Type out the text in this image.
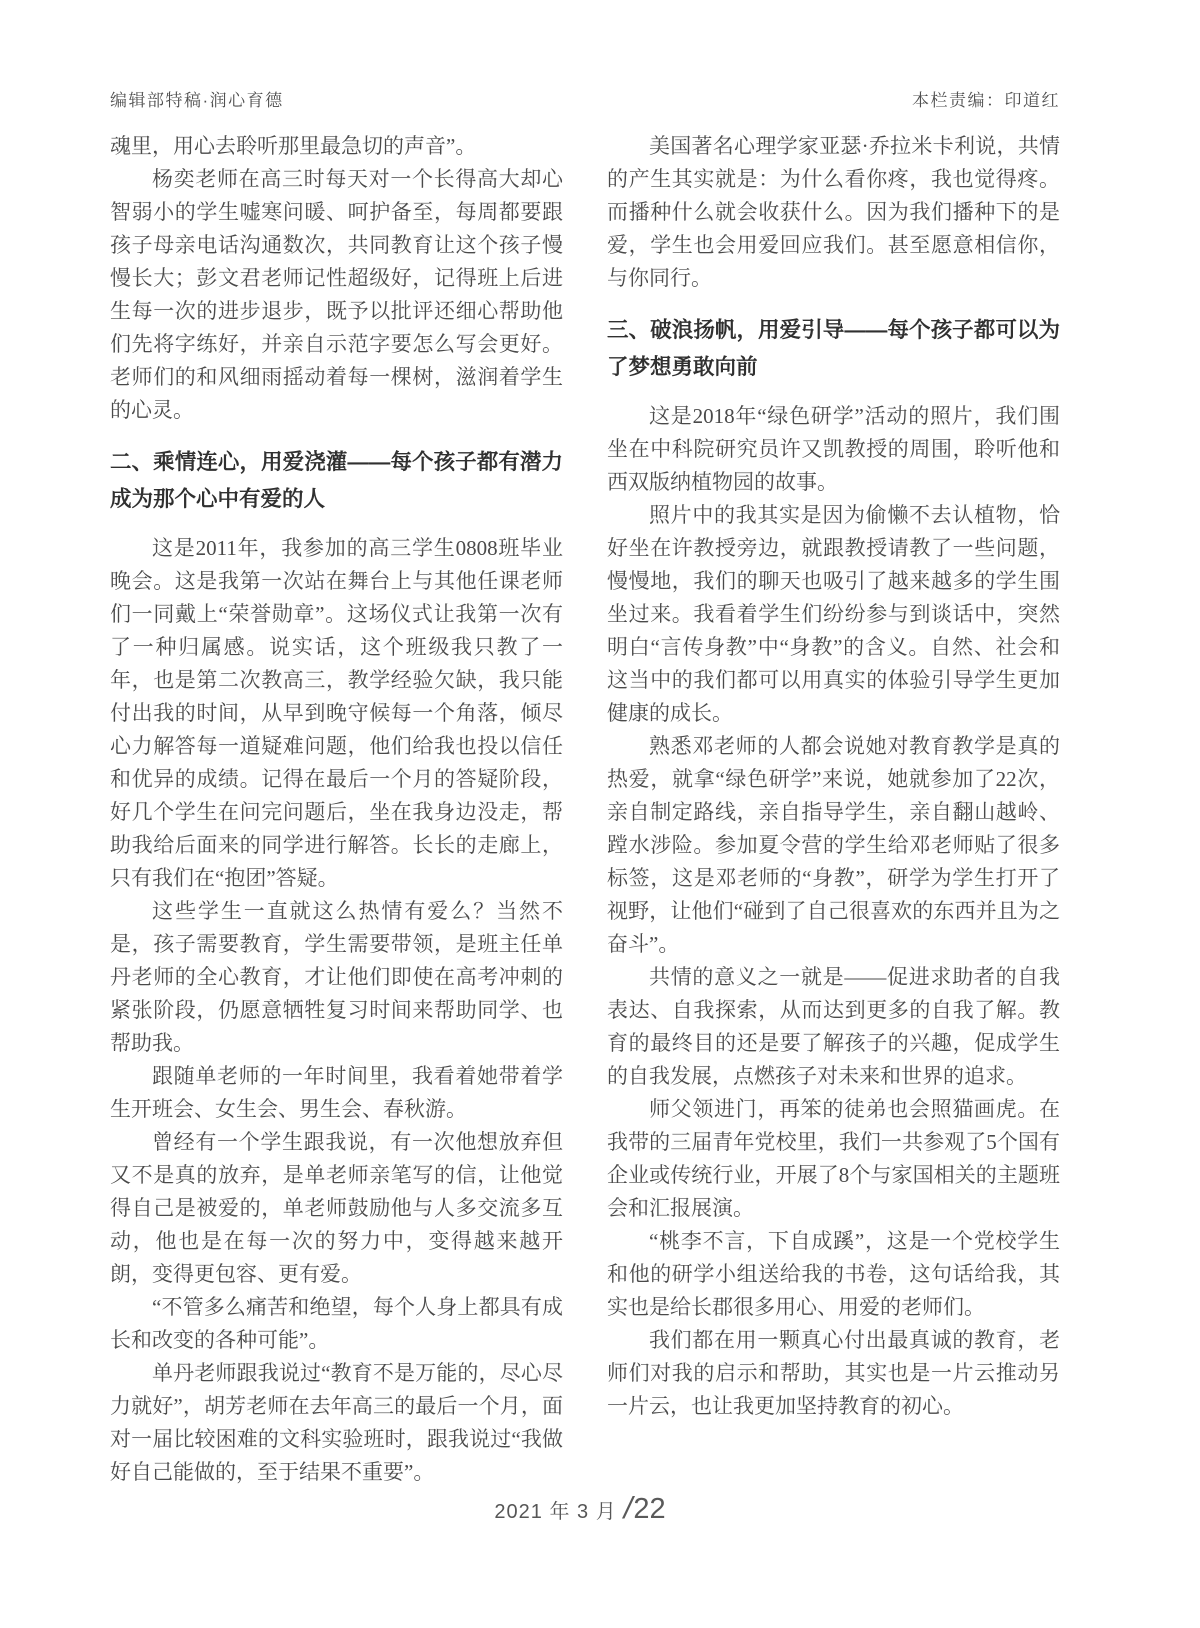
编辑部特稿·润心育德	本栏责编：印道红

魂里，用心去聆听那里最急切的声音”。

杨奕老师在高三时每天对一个长得高大却心智弱小的学生嘘寒问暖、呵护备至，每周都要跟孩子母亲电话沟通数次，共同教育让这个孩子慢慢长大；彭文君老师记性超级好，记得班上后进生每一次的进步退步，既予以批评还细心帮助他们先将字练好，并亲自示范字要怎么写会更好。老师们的和风细雨摇动着每一棵树，滋润着学生的心灵。

二、乘情连心，用爱浇灌——每个孩子都有潜力成为那个心中有爱的人

这是2011年，我参加的高三学生0808班毕业晚会。这是我第一次站在舞台上与其他任课老师们一同戴上“荣誉勋章”。这场仪式让我第一次有了一种归属感。说实话，这个班级我只教了一年，也是第二次教高三，教学经验欠缺，我只能付出我的时间，从早到晚守候每一个角落，倾尽心力解答每一道疑难问题，他们给我也投以信任和优异的成绩。记得在最后一个月的答疑阶段，好几个学生在问完问题后，坐在我身边没走，帮助我给后面来的同学进行解答。长长的走廊上，只有我们在“抱团”答疑。

这些学生一直就这么热情有爱么？当然不是，孩子需要教育，学生需要带领，是班主任单丹老师的全心教育，才让他们即使在高考冲刺的紧张阶段，仍愿意牺牲复习时间来帮助同学、也帮助我。

跟随单老师的一年时间里，我看着她带着学生开班会、女生会、男生会、春秋游。

曾经有一个学生跟我说，有一次他想放弃但又不是真的放弃，是单老师亲笔写的信，让他觉得自己是被爱的，单老师鼓励他与人多交流多互动，他也是在每一次的努力中，变得越来越开朗，变得更包容、更有爱。

“不管多么痛苦和绝望，每个人身上都具有成长和改变的各种可能”。

单丹老师跟我说过“教育不是万能的，尽心尽力就好”，胡芳老师在去年高三的最后一个月，面对一届比较困难的文科实验班时，跟我说过“我做好自己能做的，至于结果不重要”。

美国著名心理学家亚瑟·乔拉米卡利说，共情的产生其实就是：为什么看你疼，我也觉得疼。而播种什么就会收获什么。因为我们播种下的是爱，学生也会用爱回应我们。甚至愿意相信你，与你同行。

三、破浪扬帆，用爱引导——每个孩子都可以为了梦想勇敢向前

这是2018年“绿色研学”活动的照片，我们围坐在中科院研究员许又凯教授的周围，聆听他和西双版纳植物园的故事。

照片中的我其实是因为偷懒不去认植物，恰好坐在许教授旁边，就跟教授请教了一些问题，慢慢地，我们的聊天也吸引了越来越多的学生围坐过来。我看着学生们纷纷参与到谈话中，突然明白“言传身教”中“身教”的含义。自然、社会和这当中的我们都可以用真实的体验引导学生更加健康的成长。

熟悉邓老师的人都会说她对教育教学是真的热爱，就拿“绿色研学”来说，她就参加了22次，亲自制定路线，亲自指导学生，亲自翻山越岭、蹚水涉险。参加夏令营的学生给邓老师贴了很多标签，这是邓老师的“身教”，研学为学生打开了视野，让他们“碰到了自己很喜欢的东西并且为之奋斗”。

共情的意义之一就是——促进求助者的自我表达、自我探索，从而达到更多的自我了解。教育的最终目的还是要了解孩子的兴趣，促成学生的自我发展，点燃孩子对未来和世界的追求。

师父领进门，再笨的徒弟也会照猫画虎。在我带的三届青年党校里，我们一共参观了5个国有企业或传统行业，开展了8个与家国相关的主题班会和汇报展演。

“桃李不言，下自成蹊”，这是一个党校学生和他的研学小组送给我的书卷，这句话给我，其实也是给长郡很多用心、用爱的老师们。

我们都在用一颗真心付出最真诚的教育，老师们对我的启示和帮助，其实也是一片云推动另一片云，也让我更加坚持教育的初心。

2021 年 3 月 / 22
